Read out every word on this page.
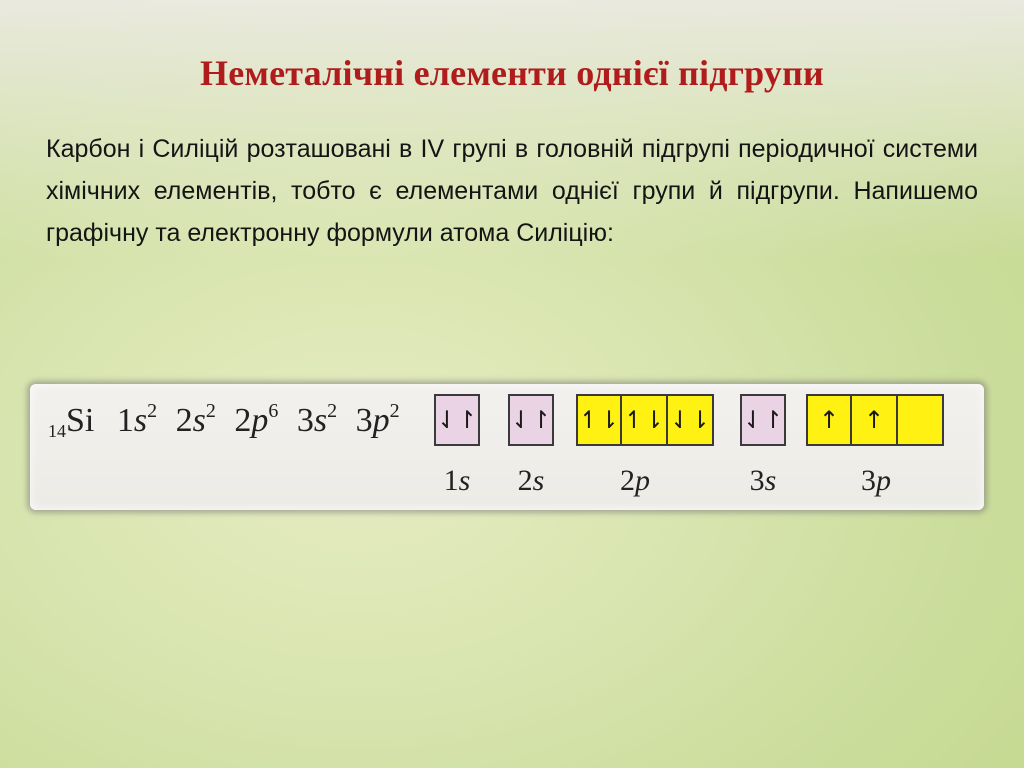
Неметалічні елементи однієї підгрупи
Карбон і Силіцій розташовані в IV групі в головній підгрупі періодичної системи хімічних елементів, тобто є елементами однієї групи й підгрупи. Напишемо графічну та електронну формули атома Силіцію:
14Si $1s^2$ $2s^2$ $2p^6$ $3s^2$ $3p^2$ ⇃↾ ⇃↾ ↿⇂ ↿⇂ ⇃⇂ ⇃↾	↑	↑
1s 2s	2p	3s	3p
